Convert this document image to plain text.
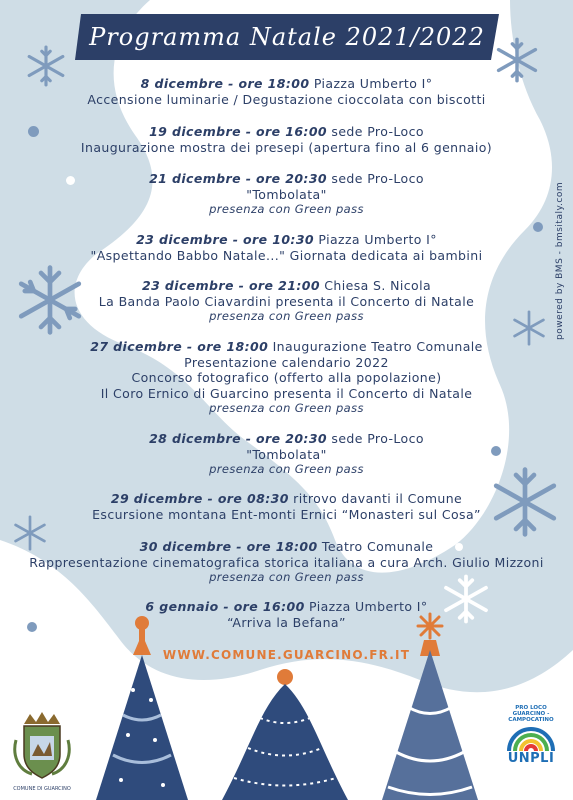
Programma Natale 2021/2022
8 dicembre - ore 18:00 Piazza Umberto I°
Accensione luminarie / Degustazione cioccolata con biscotti
19 dicembre - ore 16:00 sede Pro-Loco
Inaugurazione mostra dei presepi (apertura fino al 6 gennaio)
21 dicembre - ore 20:30 sede Pro-Loco
"Tombolata"
presenza con Green pass
23 dicembre - ore 10:30 Piazza Umberto I°
"Aspettando Babbo Natale..." Giornata dedicata ai bambini
23 dicembre - ore 21:00 Chiesa S. Nicola
La Banda Paolo Ciavardini presenta il Concerto di Natale
presenza con Green pass
27 dicembre - ore 18:00 Inaugurazione Teatro Comunale
Presentazione calendario 2022
Concorso fotografico (offerto alla popolazione)
Il Coro Ernico di Guarcino presenta il Concerto di Natale
presenza con Green pass
28 dicembre - ore 20:30 sede Pro-Loco
"Tombolata"
presenza con Green pass
29 dicembre - ore 08:30 ritrovo davanti il Comune
Escursione montana Ent-monti Ernici “Monasteri sul Cosa”
30 dicembre - ore 18:00 Teatro Comunale
Rappresentazione cinematografica storica italiana a cura Arch. Giulio Mizzoni
presenza con Green pass
6 gennaio - ore 16:00 Piazza Umberto I°
“Arriva la Befana”
WWW.COMUNE.GUARCINO.FR.IT
powered by BMS - bmsitaly.com
COMUNE DI GUARCINO
PRO LOCO
GUARCINO - CAMPOCATINO
UNPLI
